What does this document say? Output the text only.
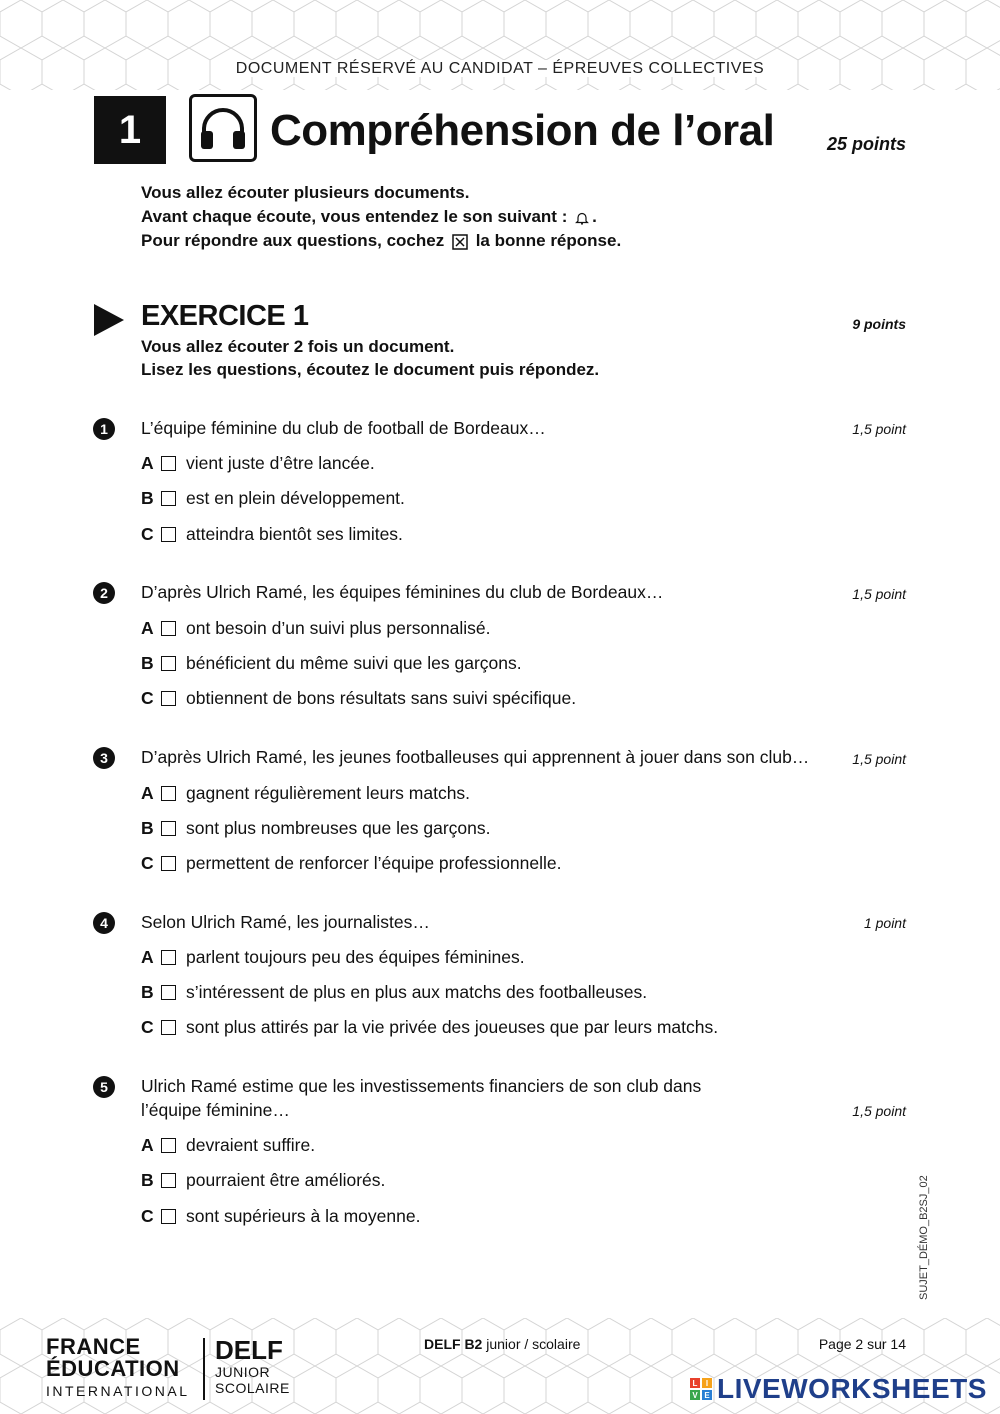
DOCUMENT RÉSERVÉ AU CANDIDAT – ÉPREUVES COLLECTIVES
1	Compréhension de l’oral	25 points
Vous allez écouter plusieurs documents.
Avant chaque écoute, vous entendez le son suivant : .
Pour répondre aux questions, cochez la bonne réponse.
EXERCICE 1	9 points
Vous allez écouter 2 fois un document.
Lisez les questions, écoutez le document puis répondez.
1	L’équipe féminine du club de football de Bordeaux…	1,5 point
A	vient juste d’être lancée.
B	est en plein développement.
C	atteindra bientôt ses limites.
2	D’après Ulrich Ramé, les équipes féminines du club de Bordeaux…	1,5 point
A	ont besoin d’un suivi plus personnalisé.
B	bénéficient du même suivi que les garçons.
C	obtiennent de bons résultats sans suivi spécifique.
3	D’après Ulrich Ramé, les jeunes footballeuses qui apprennent à jouer dans son club…	1,5 point
A	gagnent régulièrement leurs matchs.
B	sont plus nombreuses que les garçons.
C	permettent de renforcer l’équipe professionnelle.
4	Selon Ulrich Ramé, les journalistes…	1 point
A	parlent toujours peu des équipes féminines.
B	s’intéressent de plus en plus aux matchs des footballeuses.
C	sont plus attirés par la vie privée des joueuses que par leurs matchs.
5	Ulrich Ramé estime que les investissements financiers de son club dans
l’équipe féminine…	1,5 point
A	devraient suffire.
B	pourraient être améliorés.
C	sont supérieurs à la moyenne.	SUJET_DÉMO_B2SJ_02
FRANCE
ÉDUCATION
INTERNATIONAL
DELF
JUNIOR
SCOLAIRE
DELF B2 junior / scolaire	Page 2 sur 14
L	I
V E LIVEWORKSHEETS
